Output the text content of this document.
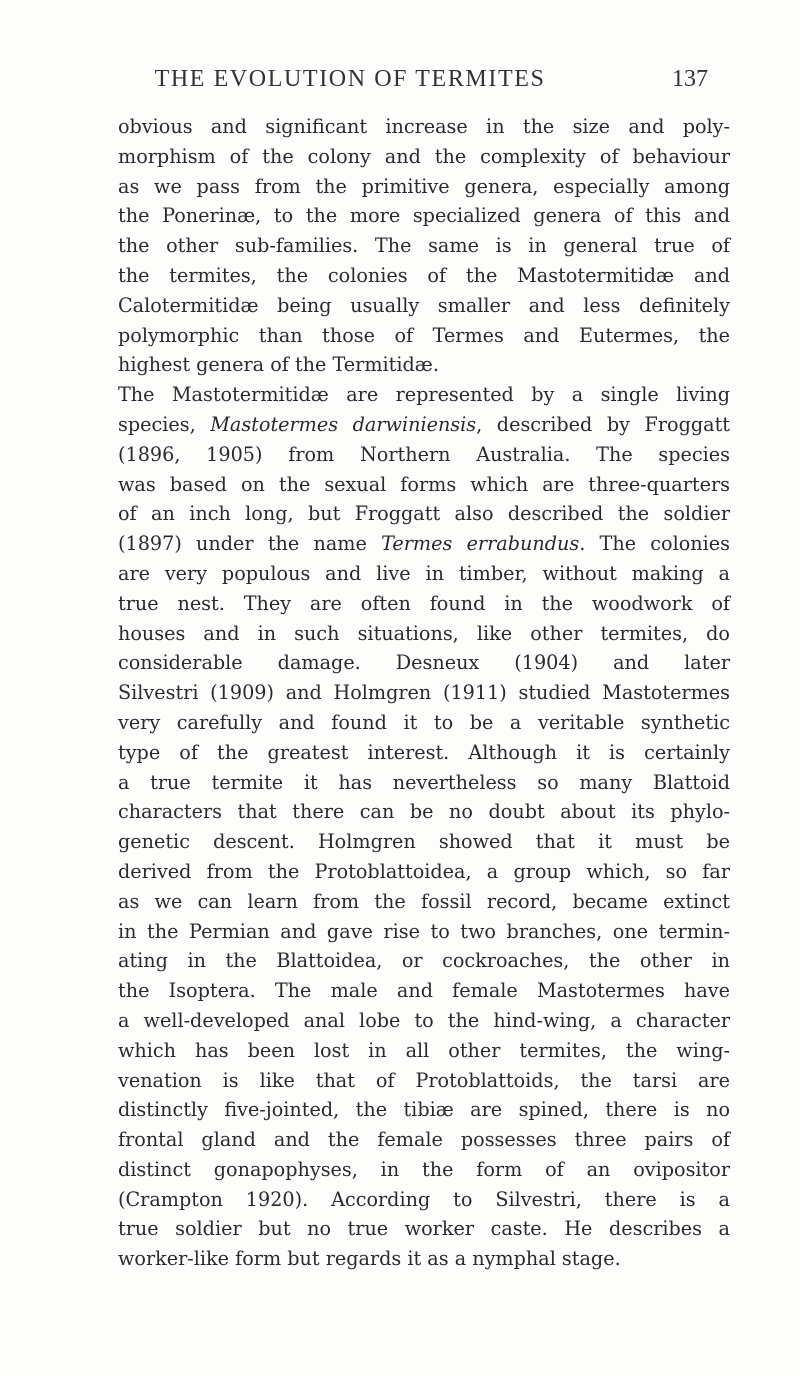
THE EVOLUTION OF TERMITES	137
obvious and significant increase in the size and poly-
morphism of the colony and the complexity of behaviour
as we pass from the primitive genera, especially among
the Ponerinæ, to the more specialized genera of this and
the other sub-families. The same is in general true of
the termites, the colonies of the Mastotermitidæ and
Calotermitidæ being usually smaller and less definitely
polymorphic than those of Termes and Eutermes, the
highest genera of the Termitidæ.
The Mastotermitidæ are represented by a single living
species, Mastotermes darwiniensis, described by Froggatt
(1896, 1905) from Northern Australia. The species
was based on the sexual forms which are three-quarters
of an inch long, but Froggatt also described the soldier
(1897) under the name Termes errabundus. The colonies
are very populous and live in timber, without making a
true nest. They are often found in the woodwork of
houses and in such situations, like other termites, do
considerable damage. Desneux (1904) and later
Silvestri (1909) and Holmgren (1911) studied Mastotermes
very carefully and found it to be a veritable synthetic
type of the greatest interest. Although it is certainly
a true termite it has nevertheless so many Blattoid
characters that there can be no doubt about its phylo-
genetic descent. Holmgren showed that it must be
derived from the Protoblattoidea, a group which, so far
as we can learn from the fossil record, became extinct
in the Permian and gave rise to two branches, one termin-
ating in the Blattoidea, or cockroaches, the other in
the Isoptera. The male and female Mastotermes have
a well-developed anal lobe to the hind-wing, a character
which has been lost in all other termites, the wing-
venation is like that of Protoblattoids, the tarsi are
distinctly five-jointed, the tibiæ are spined, there is no
frontal gland and the female possesses three pairs of
distinct gonapophyses, in the form of an ovipositor
(Crampton 1920). According to Silvestri, there is a
true soldier but no true worker caste. He describes a
worker-like form but regards it as a nymphal stage.
